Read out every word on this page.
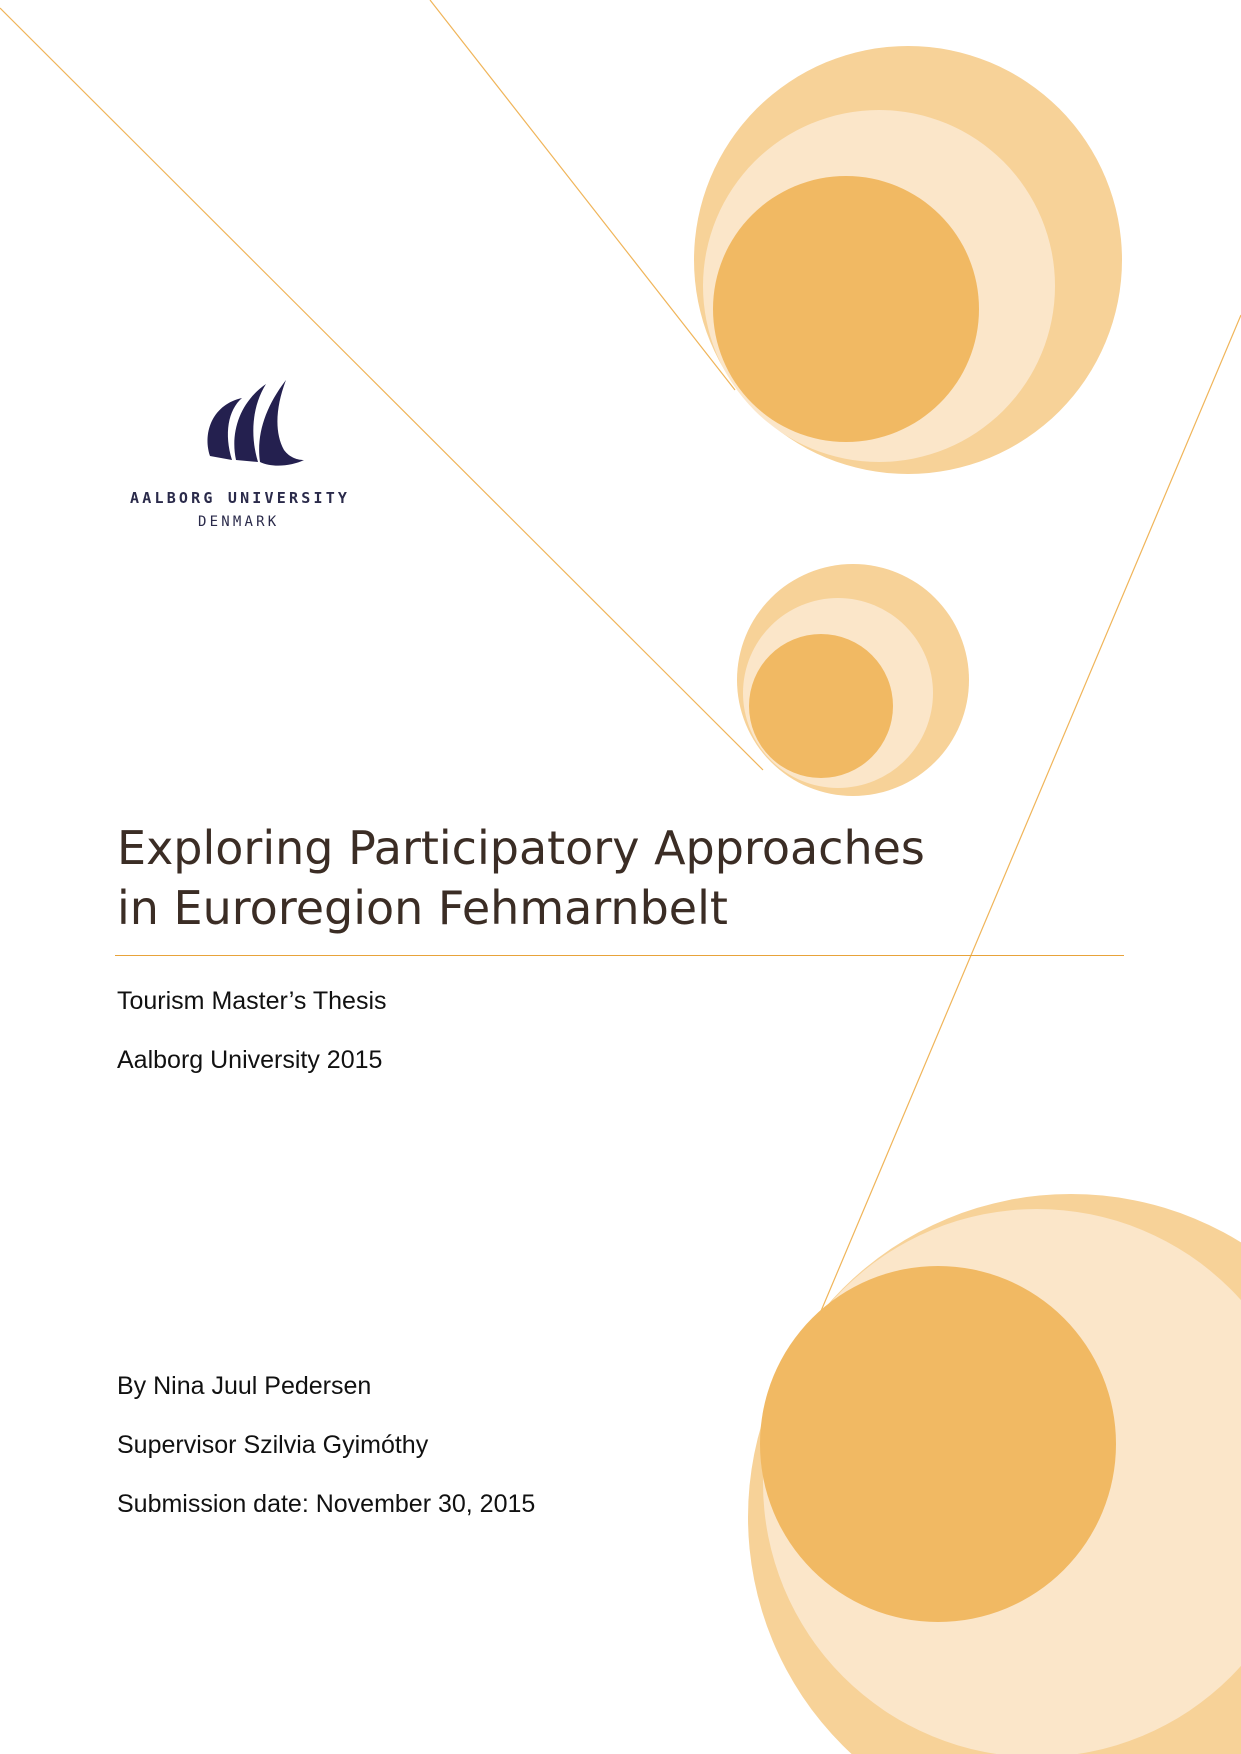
AALBORG UNIVERSITY
DENMARK
Exploring Participatory Approaches
in Euroregion Fehmarnbelt
Tourism Master’s Thesis
Aalborg University 2015
By Nina Juul Pedersen
Supervisor Szilvia Gyimóthy
Submission date: November 30, 2015
